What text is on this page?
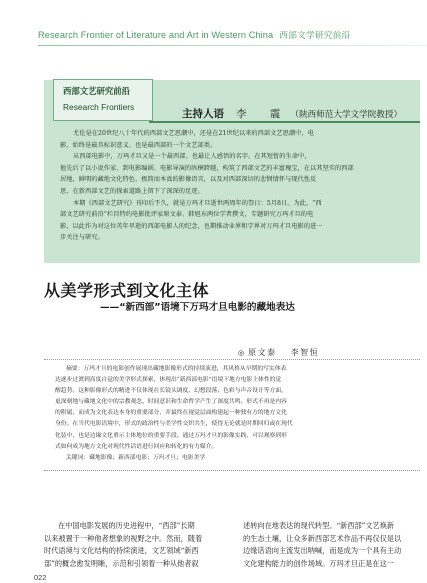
Research Frontier of Literature and Art in Western China 西部文学研究前沿
西部文艺研究前沿
Research Frontiers
主持人语 李 震（陕西师范大学文学院教授）

尤伦是在20世纪八十年代的西部文艺思潮中，还是在21世纪以来的西部文艺思潮中，电
影，始终是最具标识意义、也是最西部的一个文艺部类。

从西部电影中，万玛才旦又是一个最西部、也最让人感悟的名字。在其短暂的生命中，
他先后了以小说作家、到电影编剧、电影导演的纵横跨越，构筑了西部文艺的丰富瑰宝，在以其坚实的西部
居地，鲜明的藏地文化特色、极简而本真的影像语言，以及对西部深切的悲悯情怀与现代性反
思，在新西部文艺的探索道路上留下了深深的足迹。

本期《西部文艺研究》刊印后不久，就是万玛才旦逝世两周年的祭日：5月8日。为此，“西
部文艺研究前沿”栏目特约电影批评家原文泰、韩旭东两位学者撰文，专题研究万玛才旦的电
影，以此作为对这位英年早逝的西部电影人的纪念，也期推动业界和学界对万玛才旦电影的进一
步关注与研究。

从美学形式到文化主体
——“新西部”语境下万玛才旦电影的藏地表达
◎ 原文泰 李智恒

摘要：万玛才旦的电影创作展现出藏地影像形式的持续演进，其风格从早期的写实体表
达逐步过渡到高度自觉的美学形式探索，体现出“新西部电影”语境下地方电影主体性的觉
醒趋势。这种影像形式的精进不仅体现在长镜头调度、幻想段落、色彩与声音设计等方面，
更深刻地与藏地文化中的宗教观念、时间意识和生命哲学产生了深度共鸣。形式不再是内容
的附属，而成为文化表达本身的重要部分，并最终在视觉层面构建起一种独有方的地方文化
身份。在当代电影语境中，形式的政治性与美学性交织共生，使得无论就是时期回归或在现代
化装中，也是边缘文化重示主体地位的重要手段。通过万玛才旦的影像实践，可以观察到形
式如何成为地方文化对现代性话语进行回应和转化的有力媒介。

关键词：藏地影像；新西部电影；万玛才旦；电影美学

在中国电影发展的历史进程中，“西部”长期
以来被置于一种他者想象的视野之中。然而，随着
时代语境与文化结构的持续演进，文艺领域“新西
部”的概念愈发明晰，示范和引领着一种从他者叙

述转向在地表达的现代转型。“新西部”文艺焕新
的生态土壤，让众多新西部艺术作品不再仅仅是以
边缘话语向主流发出呐喊，而是成为一个具有主动
文化建构能力的创作场域。万玛才旦正是在这一

022
